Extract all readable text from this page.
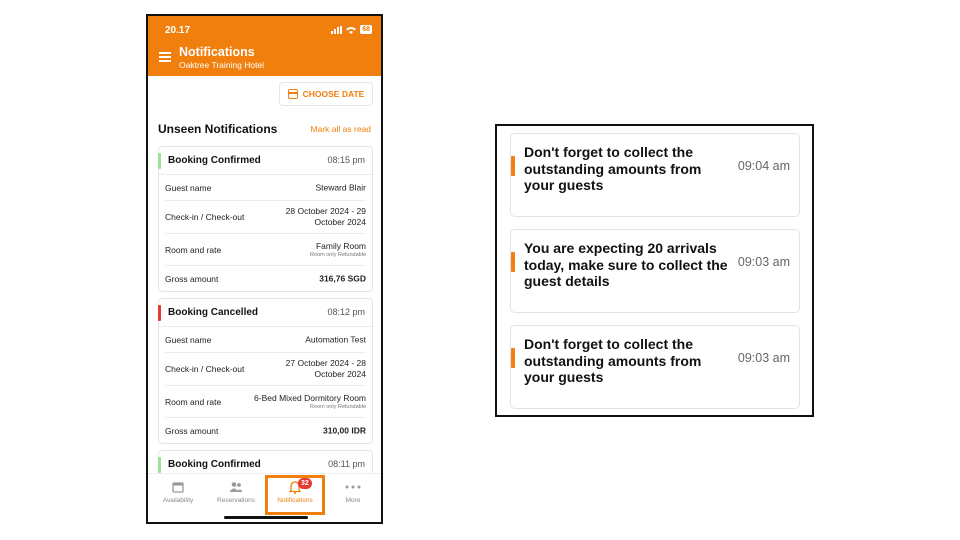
20.17	68
Notifications
Oaktree Training Hotel
CHOOSE DATE
Unseen Notifications	Mark all as read
Booking Confirmed	08:15 pm
Guest name	Steward Blair
Check-in / Check-out
28 October 2024 - 29 October 2024
Room and rate	Family Room
Room only Refundable
Gross amount	316,76 SGD
Booking Cancelled	08:12 pm
Guest name	Automation Test
Check-in / Check-out
27 October 2024 - 28 October 2024
Room and rate	6-Bed Mixed Dormitory Room
Room only Refundable
Gross amount	310,00 IDR
Booking Confirmed	08:11 pm
Availability	Reservations
32
Notifications	More
Don't forget to collect the outstanding amounts from your guests
09:04 am
You are expecting 20 arrivals today, make sure to collect the guest details
09:03 am
Don't forget to collect the outstanding amounts from your guests
09:03 am
